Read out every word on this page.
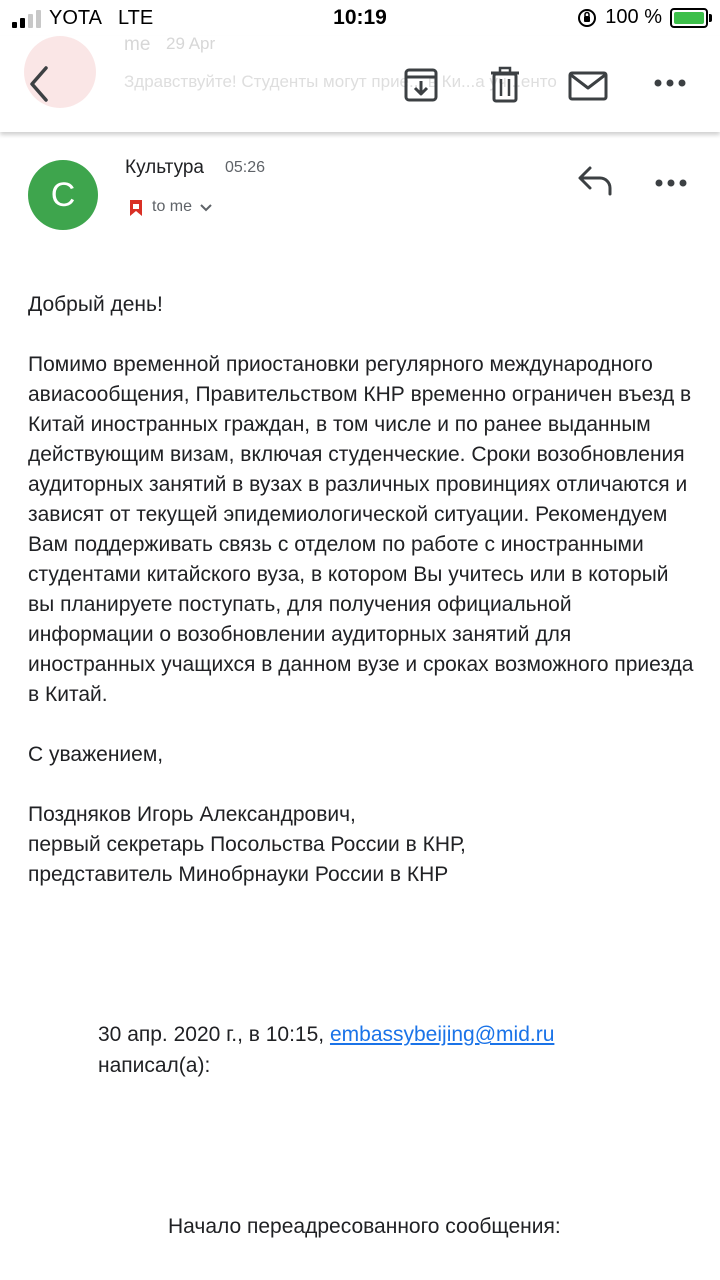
YOTA LTE	10:19	100 %
me 29 Apr
Здравствуйте! Студенты могут прие... в Ки...а уч...енто
C
Культура 05:26
to me

Добрый день!

Помимо временной приостановки регулярного международного авиасообщения, Правительством КНР временно ограничен въезд в Китай иностранных граждан, в том числе и по ранее выданным действующим визам, включая студенческие. Сроки возобновления аудиторных занятий в вузах в различных провинциях отличаются и зависят от текущей эпидемиологической ситуации. Рекомендуем Вам поддерживать связь с отделом по работе с иностранными студентами китайского вуза, в котором Вы учитесь или в который вы планируете поступать, для получения официальной информации о возобновлении аудиторных занятий для иностранных учащихся в данном вузе и сроках возможного приезда в Китай.

С уважением,

Поздняков Игорь Александрович,

первый секретарь Посольства России в КНР,

представитель Минобрнауки России в КНР

30 апр. 2020 г., в 10:15, embassybeijing@mid.ru
написал(а):
Начало переадресованного сообщения:
